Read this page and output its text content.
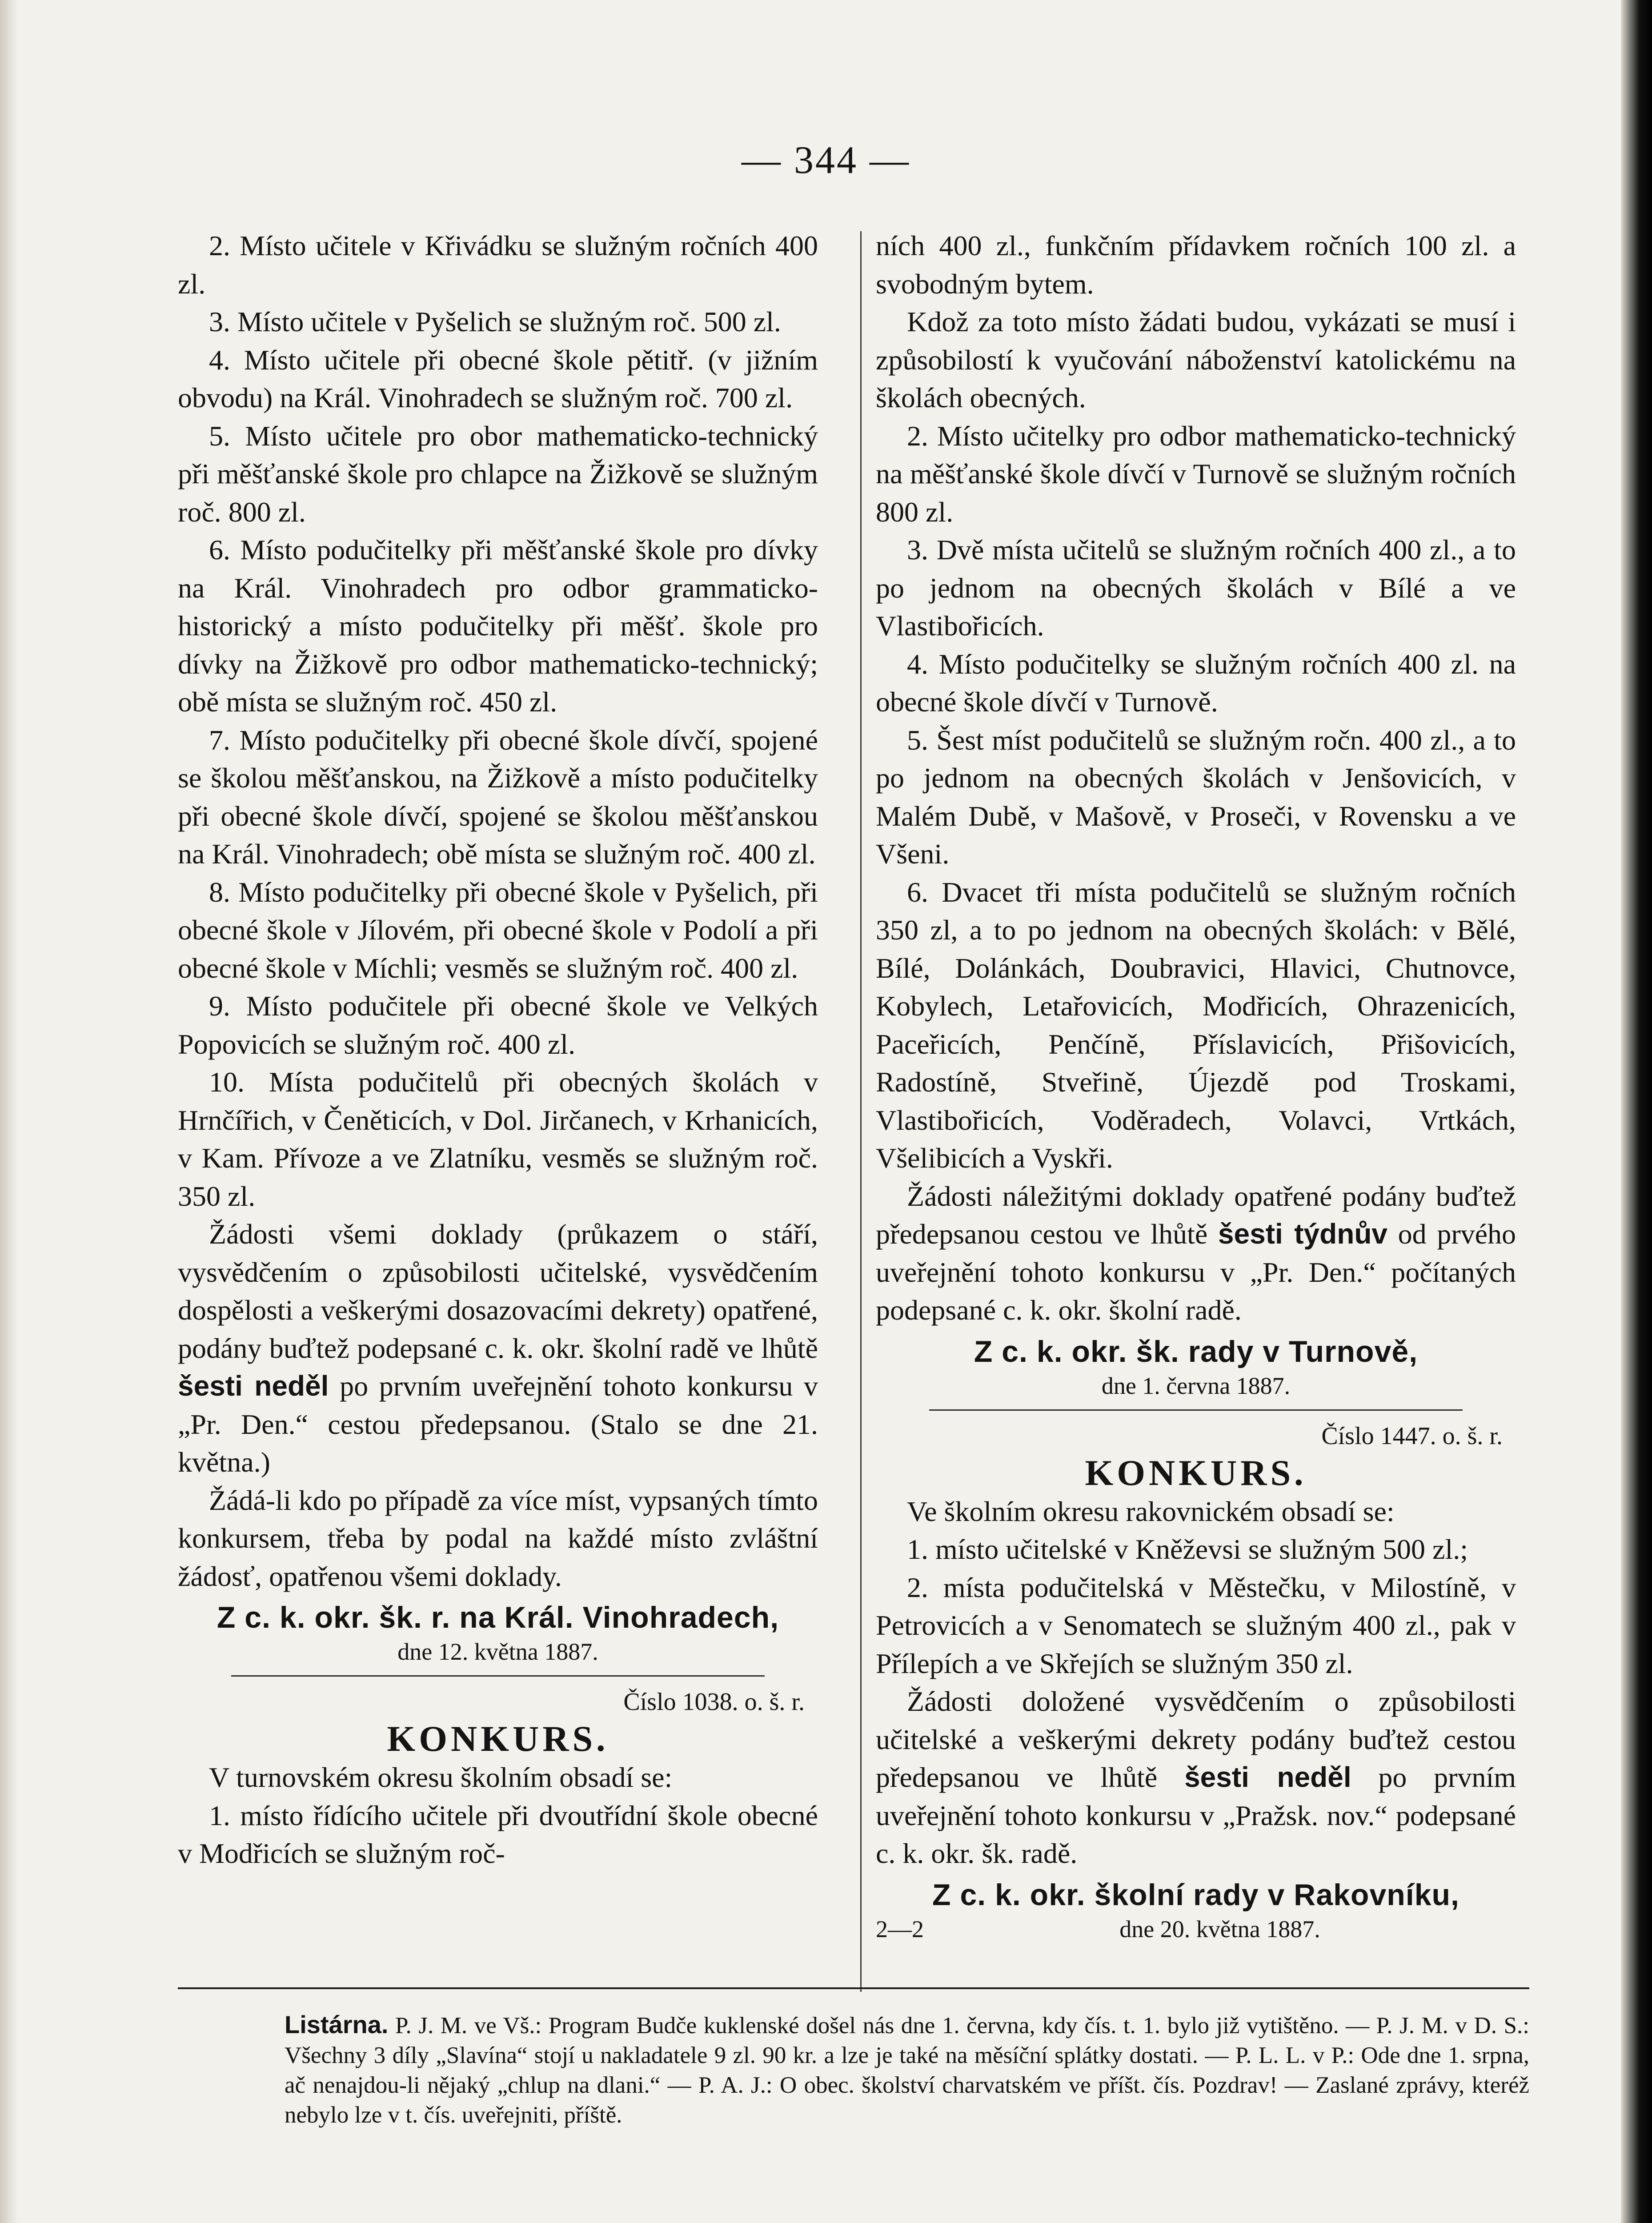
— 344 —

2. Místo učitele v Křivádku se služným ročních 400 zl.

3. Místo učitele v Pyšelich se služným roč. 500 zl.

4. Místo učitele při obecné škole pětitř. (v jižním obvodu) na Král. Vinohradech se služným roč. 700 zl.

5. Místo učitele pro obor mathematicko-technický při měšťanské škole pro chlapce na Žižkově se služným roč. 800 zl.

6. Místo podučitelky při měšťanské škole pro dívky na Král. Vinohradech pro odbor grammaticko-historický a místo podučitelky při měšť. škole pro dívky na Žižkově pro odbor mathematicko-technický; obě místa se služným roč. 450 zl.

7. Místo podučitelky při obecné škole dívčí, spojené se školou měšťanskou, na Žižkově a místo podučitelky při obecné škole dívčí, spojené se školou měšťanskou na Král. Vinohradech; obě místa se služným roč. 400 zl.

8. Místo podučitelky při obecné škole v Pyšelich, při obecné škole v Jílovém, při obecné škole v Podolí a při obecné škole v Míchli; vesměs se služným roč. 400 zl.

9. Místo podučitele při obecné škole ve Velkých Popovicích se služným roč. 400 zl.

10. Místa podučitelů při obecných školách v Hrnčířich, v Čeněticích, v Dol. Jirčanech, v Krhanicích, v Kam. Přívoze a ve Zlatníku, vesměs se služným roč. 350 zl.

Žádosti všemi doklady (průkazem o stáří, vysvědčením o způsobilosti učitelské, vysvědčením dospělosti a veškerými dosazovacími dekrety) opatřené, podány buďtež podepsané c. k. okr. školní radě ve lhůtě šesti neděl po prvním uveřejnění tohoto konkursu v „Pr. Den.“ cestou předepsanou. (Stalo se dne 21. května.)

Žádá-li kdo po případě za více míst, vypsaných tímto konkursem, třeba by podal na každé místo zvláštní žádosť, opatřenou všemi doklady.

Z c. k. okr. šk. r. na Král. Vinohradech,

dne 12. května 1887.

Číslo 1038. o. š. r.

KONKURS.

V turnovském okresu školním obsadí se:

1. místo řídícího učitele při dvoutřídní škole obecné v Modřicích se služným roč-

ních 400 zl., funkčním přídavkem ročních 100 zl. a svobodným bytem.

Kdož za toto místo žádati budou, vykázati se musí i způsobilostí k vyučování náboženství katolickému na školách obecných.

2. Místo učitelky pro odbor mathematicko-technický na měšťanské škole dívčí v Turnově se služným ročních 800 zl.

3. Dvě místa učitelů se služným ročních 400 zl., a to po jednom na obecných školách v Bílé a ve Vlastibořicích.

4. Místo podučitelky se služným ročních 400 zl. na obecné škole dívčí v Turnově.

5. Šest míst podučitelů se služným ročn. 400 zl., a to po jednom na obecných školách v Jenšovicích, v Malém Dubě, v Mašově, v Proseči, v Rovensku a ve Všeni.

6. Dvacet tři místa podučitelů se služným ročních 350 zl, a to po jednom na obecných školách: v Bělé, Bílé, Dolánkách, Doubravici, Hlavici, Chutnovce, Kobylech, Letařovicích, Modřicích, Ohrazenicích, Paceřicích, Penčíně, Příslavicích, Přišovicích, Radostíně, Stveřině, Újezdě pod Troskami, Vlastibořicích, Voděradech, Volavci, Vrtkách, Všelibicích a Vyskři.

Žádosti náležitými doklady opatřené podány buďtež předepsanou cestou ve lhůtě šesti týdnův od prvého uveřejnění tohoto konkursu v „Pr. Den.“ počítaných podepsané c. k. okr. školní radě.

Z c. k. okr. šk. rady v Turnově,

dne 1. června 1887.

Číslo 1447. o. š. r.

KONKURS.

Ve školním okresu rakovnickém obsadí se:

1. místo učitelské v Kněževsi se služným 500 zl.;

2. místa podučitelská v Městečku, v Milostíně, v Petrovicích a v Senomatech se služným 400 zl., pak v Přílepích a ve Skřejích se služným 350 zl.

Žádosti doložené vysvědčením o způsobilosti učitelské a veškerými dekrety podány buďtež cestou předepsanou ve lhůtě šesti neděl po prvním uveřejnění tohoto konkursu v „Pražsk. nov.“ podepsané c. k. okr. šk. radě.

Z c. k. okr. školní rady v Rakovníku,

2—2	dne 20. května 1887.
Listárna. P. J. M. ve Vš.: Program Budče kuklenské došel nás dne 1. června, kdy čís. t. 1. bylo již vytištěno. — P. J. M. v D. S.: Všechny 3 díly „Slavína“ stojí u nakladatele 9 zl. 90 kr. a lze je také na měsíční splátky dostati. — P. L. L. v P.: Ode dne 1. srpna, ač nenajdou-li nějaký „chlup na dlani.“ — P. A. J.: O obec. školství charvatském ve příšt. čís. Pozdrav! — Zaslané zprávy, kteréž nebylo lze v t. čís. uveřejniti, příště.
